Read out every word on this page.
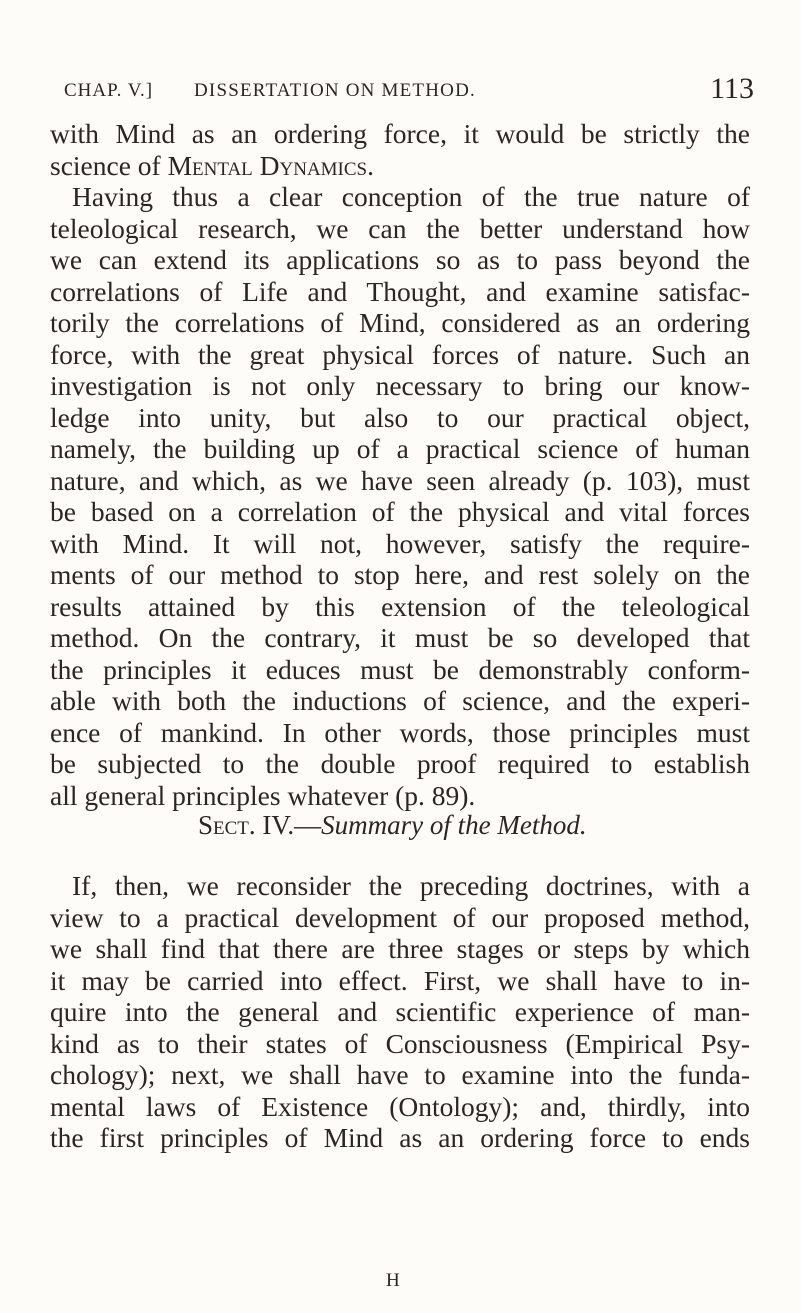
CHAP. V.] DISSERTATION ON METHOD.	113
with Mind as an ordering force, it would be strictly the
science of Mental Dynamics.
Having thus a clear conception of the true nature of
teleological research, we can the better understand how
we can extend its applications so as to pass beyond the
correlations of Life and Thought, and examine satisfac-
torily the correlations of Mind, considered as an ordering
force, with the great physical forces of nature. Such an
investigation is not only necessary to bring our know-
ledge into unity, but also to our practical object,
namely, the building up of a practical science of human
nature, and which, as we have seen already (p. 103), must
be based on a correlation of the physical and vital forces
with Mind. It will not, however, satisfy the require-
ments of our method to stop here, and rest solely on the
results attained by this extension of the teleological
method. On the contrary, it must be so developed that
the principles it educes must be demonstrably conform-
able with both the inductions of science, and the experi-
ence of mankind. In other words, those principles must
be subjected to the double proof required to establish
all general principles whatever (p. 89).
Sect. IV.—Summary of the Method.
If, then, we reconsider the preceding doctrines, with a
view to a practical development of our proposed method,
we shall find that there are three stages or steps by which
it may be carried into effect. First, we shall have to in-
quire into the general and scientific experience of man-
kind as to their states of Consciousness (Empirical Psy-
chology); next, we shall have to examine into the funda-
mental laws of Existence (Ontology); and, thirdly, into
the first principles of Mind as an ordering force to ends
H
